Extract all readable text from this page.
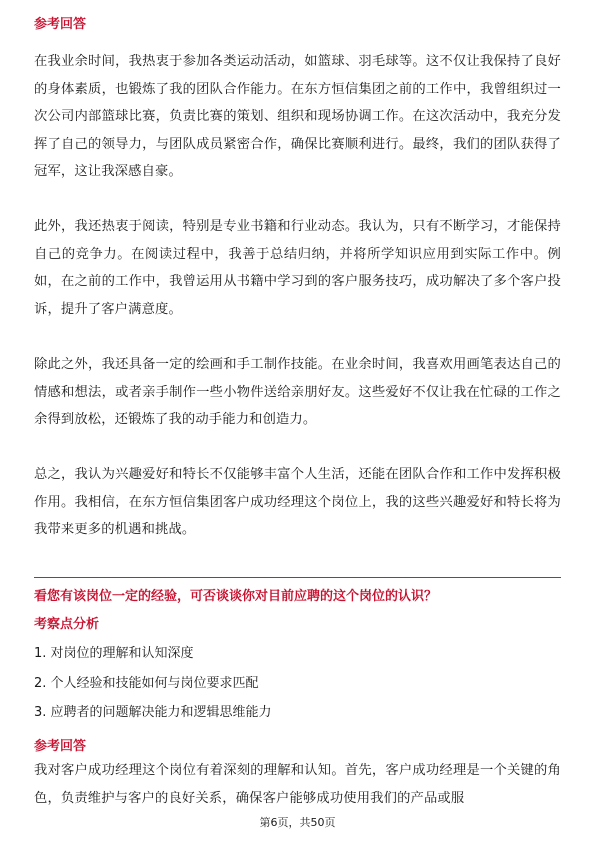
参考回答

在我业余时间，我热衷于参加各类运动活动，如篮球、羽毛球等。这不仅让我保持了良好的身体素质，也锻炼了我的团队合作能力。在东方恒信集团之前的工作中，我曾组织过一次公司内部篮球比赛，负责比赛的策划、组织和现场协调工作。在这次活动中，我充分发挥了自己的领导力，与团队成员紧密合作，确保比赛顺利进行。最终，我们的团队获得了冠军，这让我深感自豪。

此外，我还热衷于阅读，特别是专业书籍和行业动态。我认为，只有不断学习，才能保持自己的竞争力。在阅读过程中，我善于总结归纳，并将所学知识应用到实际工作中。例如，在之前的工作中，我曾运用从书籍中学习到的客户服务技巧，成功解决了多个客户投诉，提升了客户满意度。

除此之外，我还具备一定的绘画和手工制作技能。在业余时间，我喜欢用画笔表达自己的情感和想法，或者亲手制作一些小物件送给亲朋好友。这些爱好不仅让我在忙碌的工作之余得到放松，还锻炼了我的动手能力和创造力。

总之，我认为兴趣爱好和特长不仅能够丰富个人生活，还能在团队合作和工作中发挥积极作用。我相信，在东方恒信集团客户成功经理这个岗位上，我的这些兴趣爱好和特长将为我带来更多的机遇和挑战。

看您有该岗位一定的经验，可否谈谈你对目前应聘的这个岗位的认识？
考察点分析
1. 对岗位的理解和认知深度
2. 个人经验和技能如何与岗位要求匹配
3. 应聘者的问题解决能力和逻辑思维能力
参考回答

我对客户成功经理这个岗位有着深刻的理解和认知。首先，客户成功经理是一个关键的角色，负责维护与客户的良好关系，确保客户能够成功使用我们的产品或服

第6页，共50页
